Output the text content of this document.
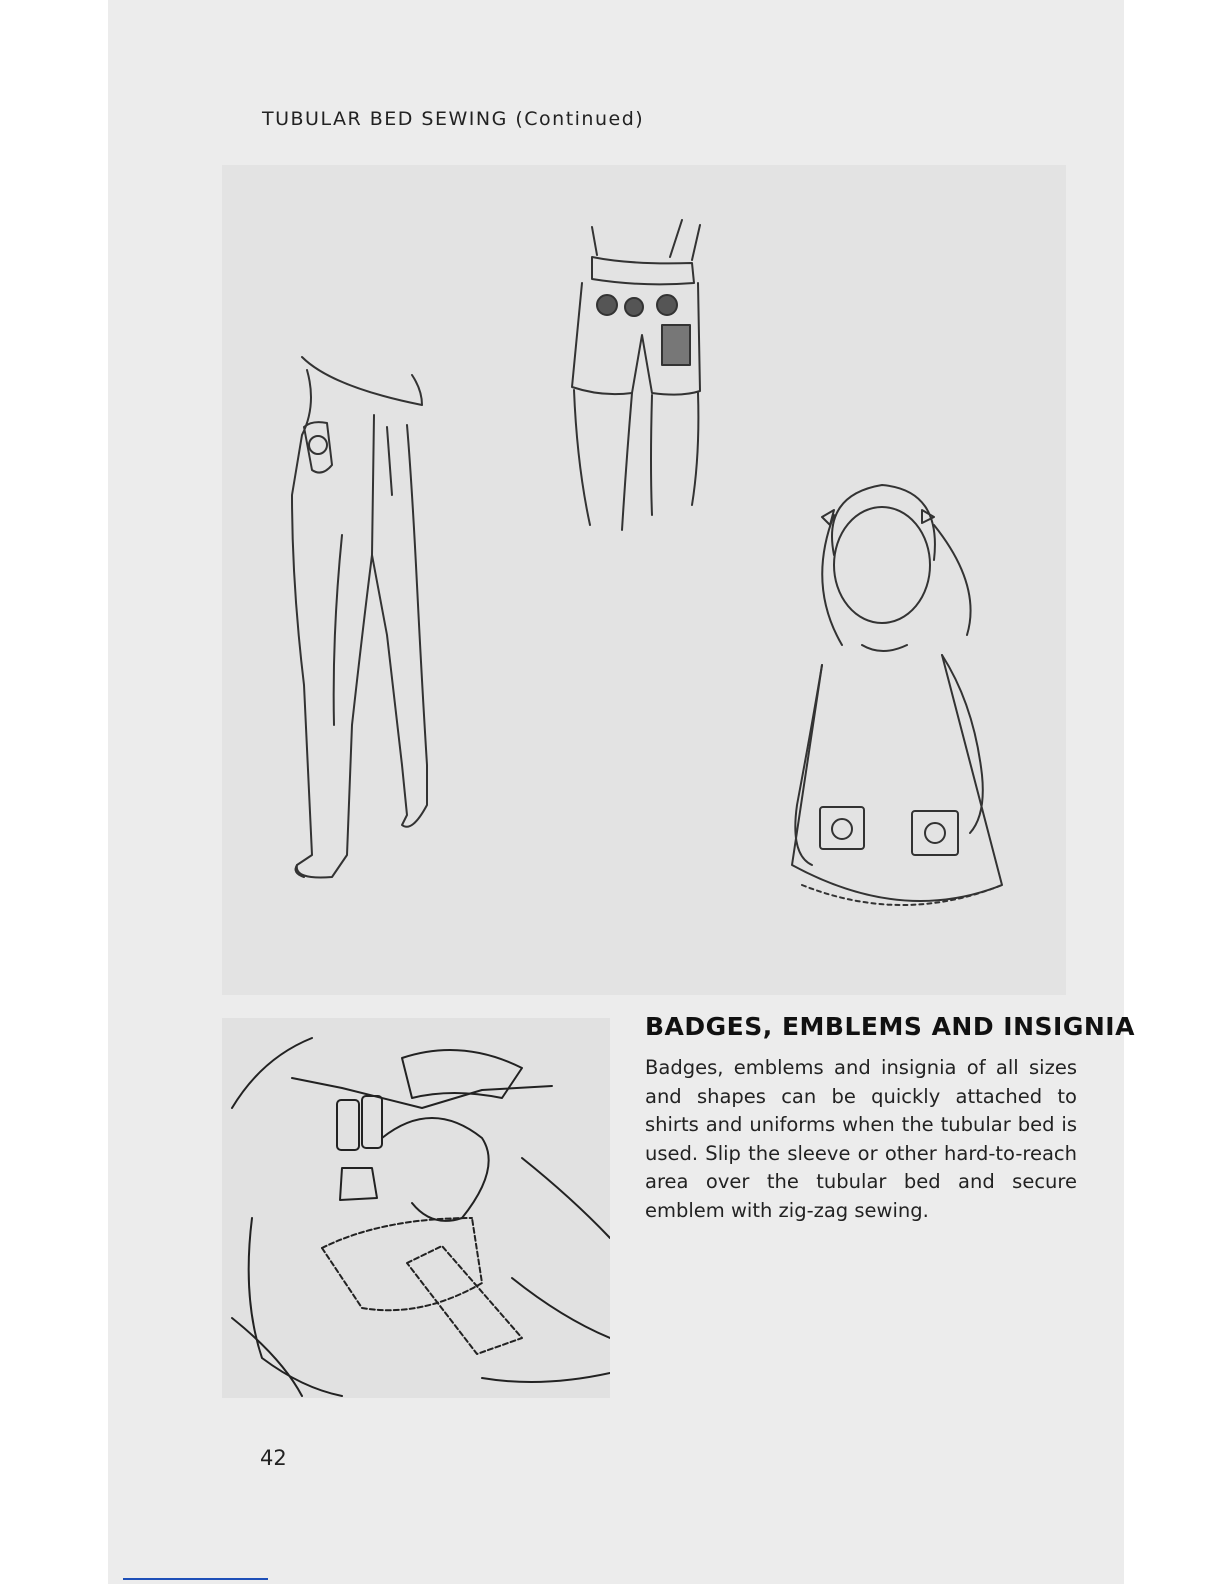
TUBULAR BED SEWING (Continued)
BADGES, EMBLEMS AND INSIGNIA
Badges, emblems and insignia of all sizes and shapes can be quickly attached to shirts and uniforms when the tubular bed is used. Slip the sleeve or other hard-to-reach area over the tubular bed and secure emblem with zig-zag sewing.
42
